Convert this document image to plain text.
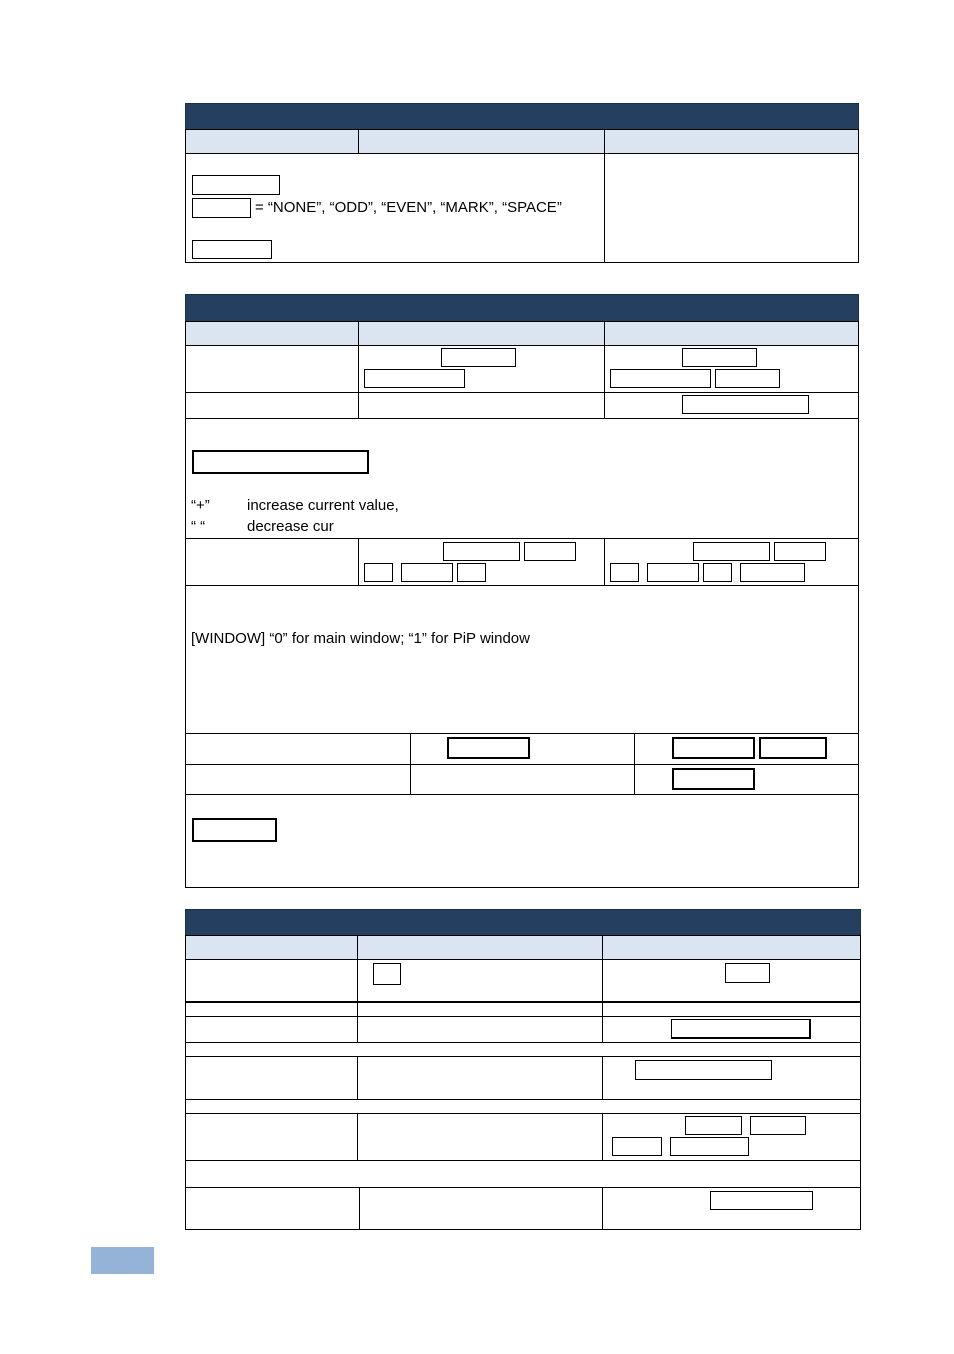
= “NONE”, “ODD”, “EVEN”, “MARK”, “SPACE”
“+” increase current value,
“ “	decrease cur
[WINDOW] “0” for main window; “1” for PiP window
